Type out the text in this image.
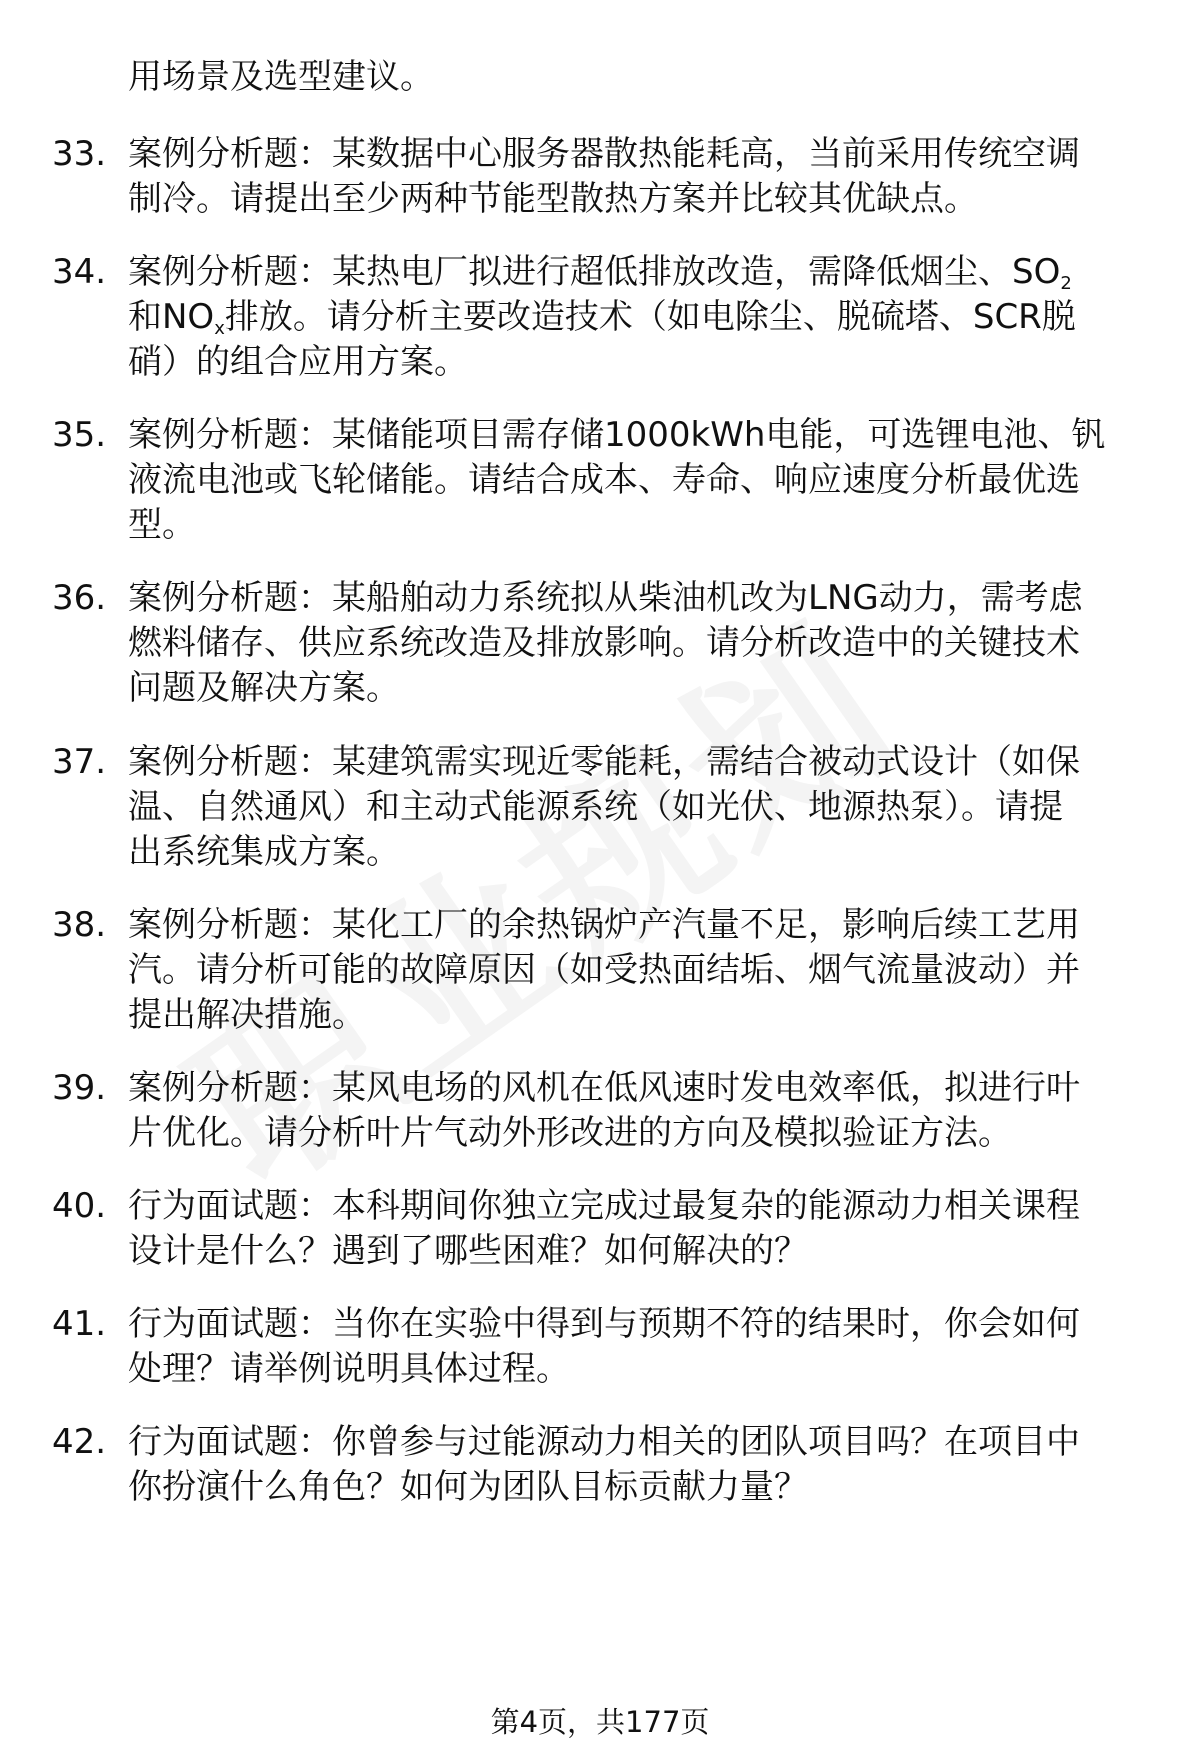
用场景及选型建议。
33. 案例分析题：某数据中心服务器散热能耗高，当前采用传统空调
制冷。请提出至少两种节能型散热方案并比较其优缺点。
34. 案例分析题：某热电厂拟进行超低排放改造，需降低烟尘、SO2
和NOx排放。请分析主要改造技术（如电除尘、脱硫塔、SCR脱
硝）的组合应用方案。
35. 案例分析题：某储能项目需存储1000kWh电能，可选锂电池、钒
液流电池或飞轮储能。请结合成本、寿命、响应速度分析最优选
型。
36. 案例分析题：某船舶动力系统拟从柴油机改为LNG动力，需考虑
燃料储存、供应系统改造及排放影响。请分析改造中的关键技术
问题及解决方案。
37. 案例分析题：某建筑需实现近零能耗，需结合被动式设计（如保
温、自然通风）和主动式能源系统（如光伏、地源热泵）。请提
出系统集成方案。
38. 案例分析题：某化工厂的余热锅炉产汽量不足，影响后续工艺用
汽。请分析可能的故障原因（如受热面结垢、烟气流量波动）并
提出解决措施。
39. 案例分析题：某风电场的风机在低风速时发电效率低，拟进行叶
片优化。请分析叶片气动外形改进的方向及模拟验证方法。
40. 行为面试题：本科期间你独立完成过最复杂的能源动力相关课程
设计是什么？遇到了哪些困难？如何解决的？
41. 行为面试题：当你在实验中得到与预期不符的结果时，你会如何
处理？请举例说明具体过程。
42. 行为面试题：你曾参与过能源动力相关的团队项目吗？在项目中
你扮演什么角色？如何为团队目标贡献力量？
第4页，共177页
